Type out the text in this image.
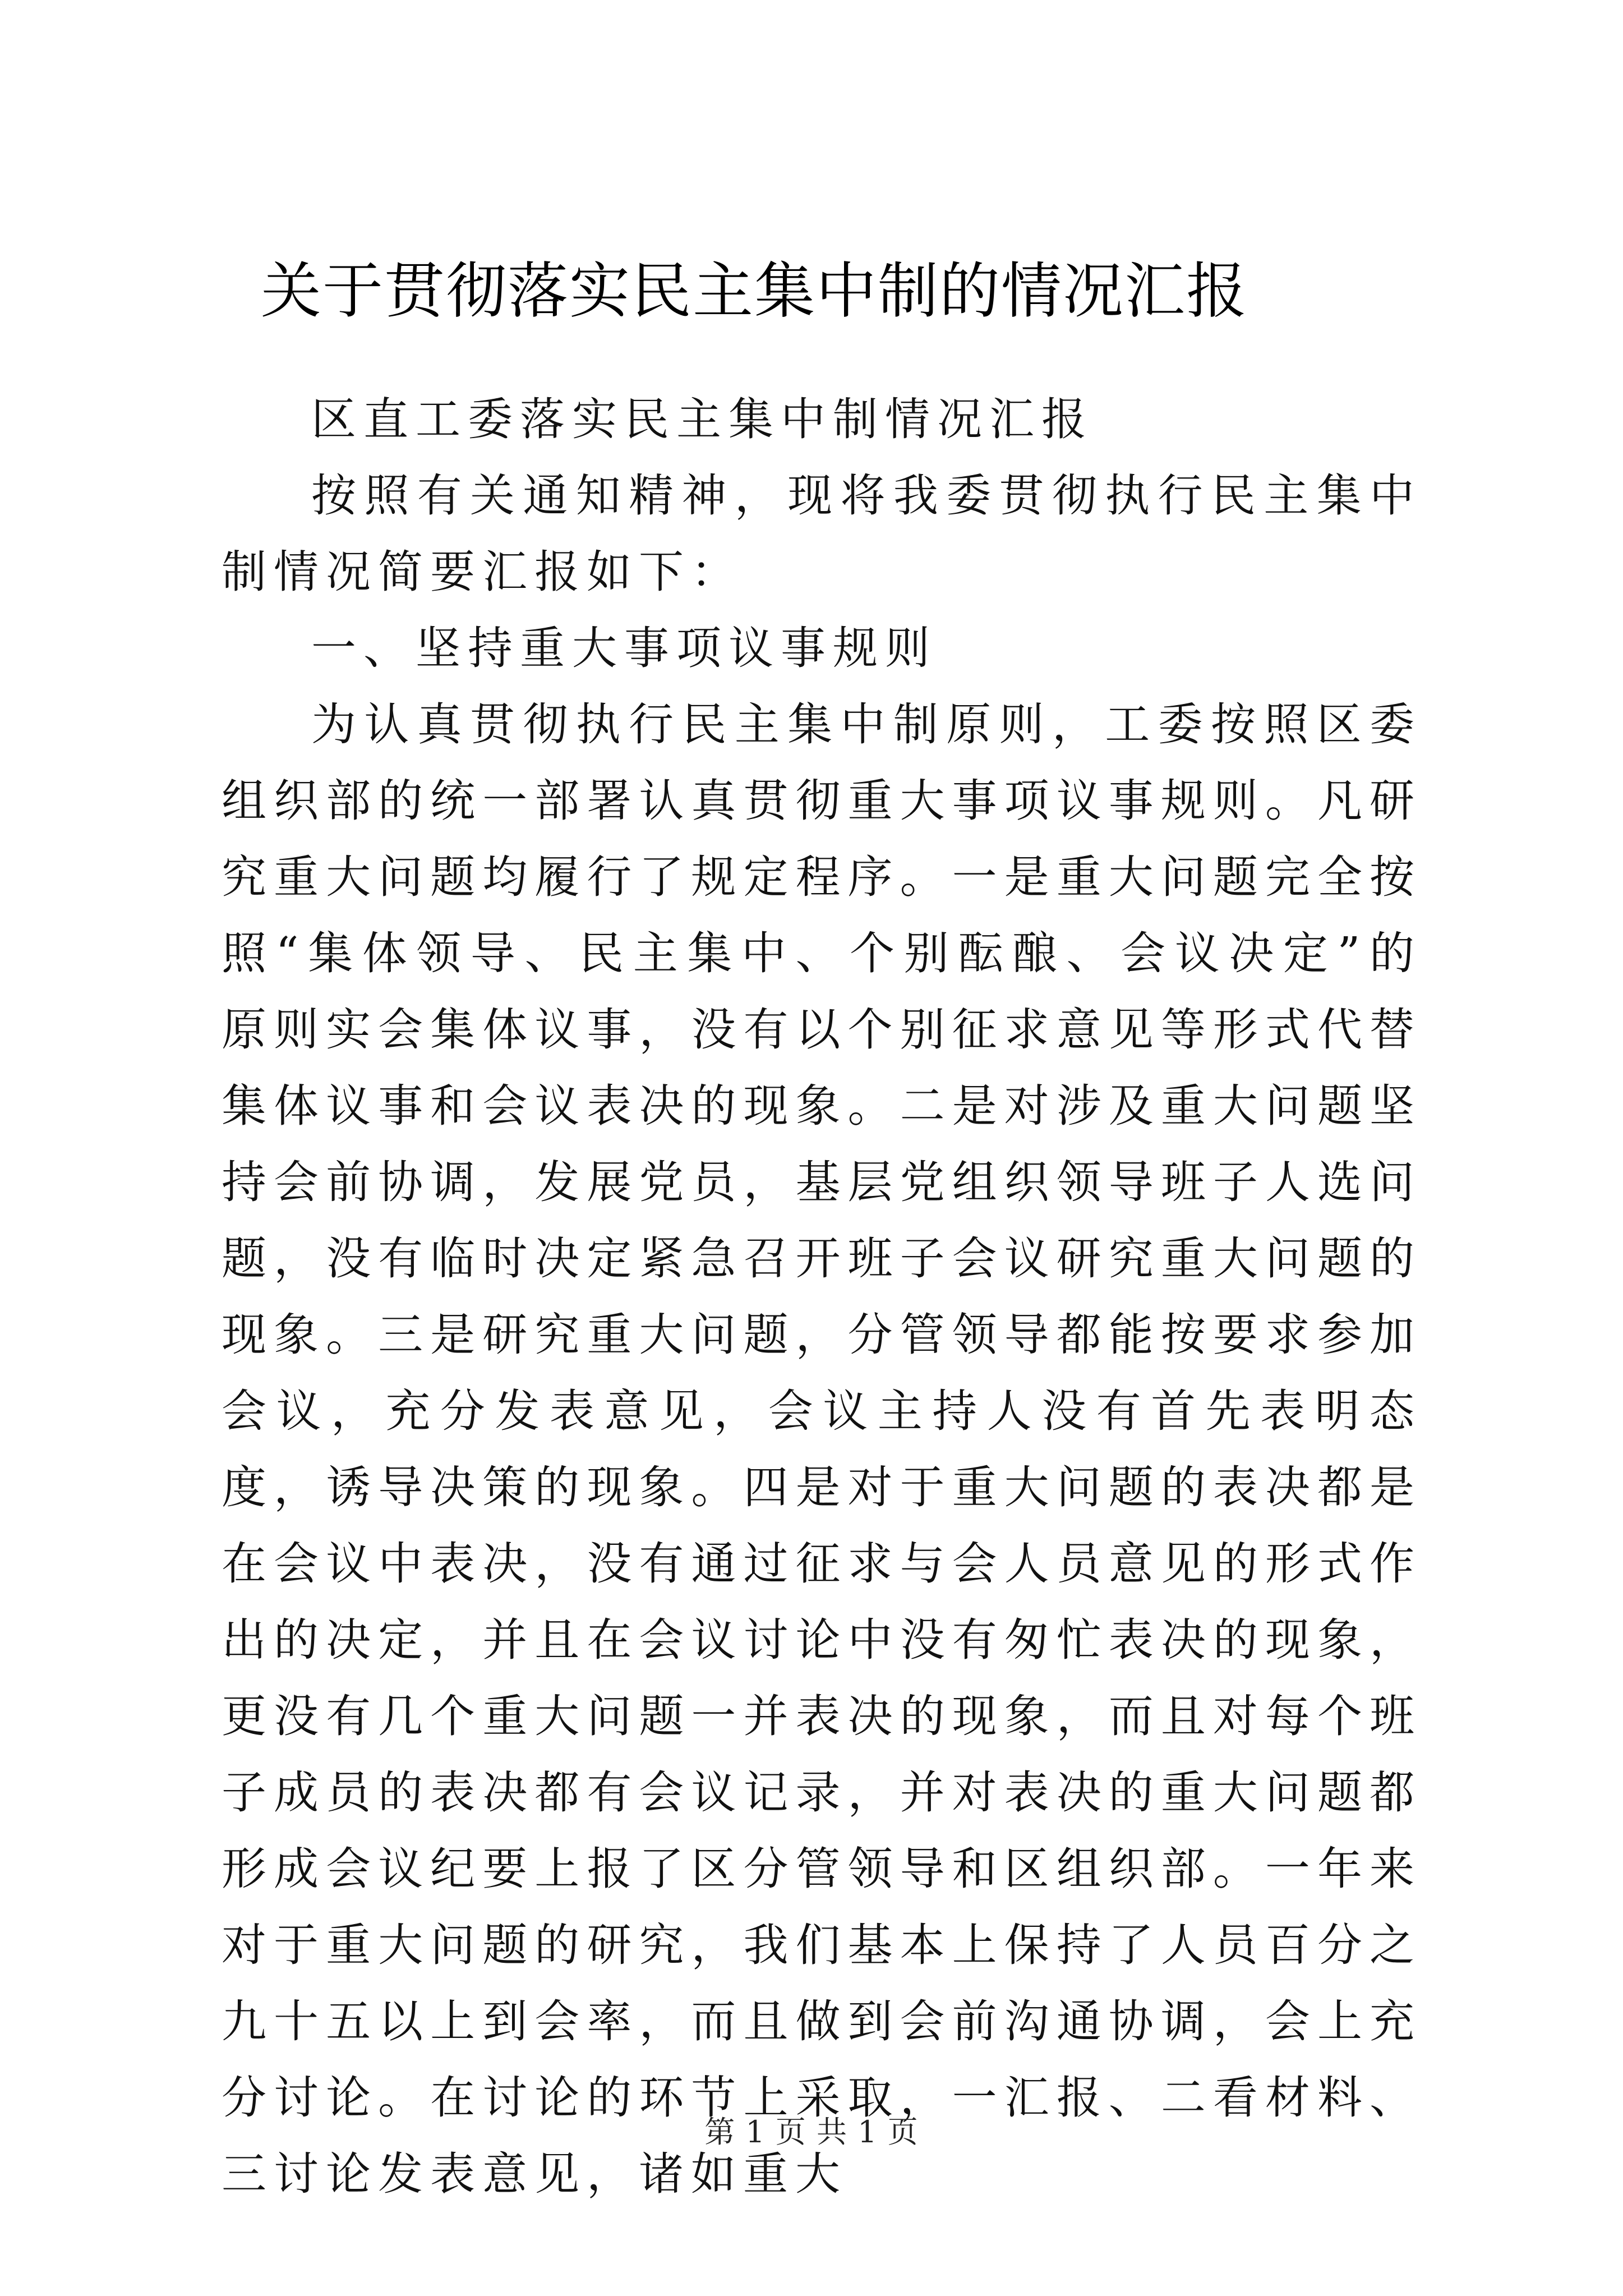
关于贯彻落实民主集中制的情况汇报

区直工委落实民主集中制情况汇报

按照有关通知精神，现将我委贯彻执行民主集中制情况简要汇报如下：

一、坚持重大事项议事规则

为认真贯彻执行民主集中制原则，工委按照区委组织部的统一部署认真贯彻重大事项议事规则。凡研究重大问题均履行了规定程序。一是重大问题完全按照“集体领导、民主集中、个别酝酿、会议决定”的原则实会集体议事，没有以个别征求意见等形式代替集体议事和会议表决的现象。二是对涉及重大问题坚持会前协调，发展党员，基层党组织领导班子人选问题，没有临时决定紧急召开班子会议研究重大问题的现象。三是研究重大问题，分管领导都能按要求参加会议，充分发表意见，会议主持人没有首先表明态度，诱导决策的现象。四是对于重大问题的表决都是在会议中表决，没有通过征求与会人员意见的形式作出的决定，并且在会议讨论中没有匆忙表决的现象，更没有几个重大问题一并表决的现象，而且对每个班子成员的表决都有会议记录，并对表决的重大问题都形成会议纪要上报了区分管领导和区组织部。一年来对于重大问题的研究，我们基本上保持了人员百分之九十五以上到会率，而且做到会前沟通协调，会上充分讨论。在讨论的环节上采取，一汇报、二看材料、三讨论发表意见，诸如重大

第 1 页 共 1 页
